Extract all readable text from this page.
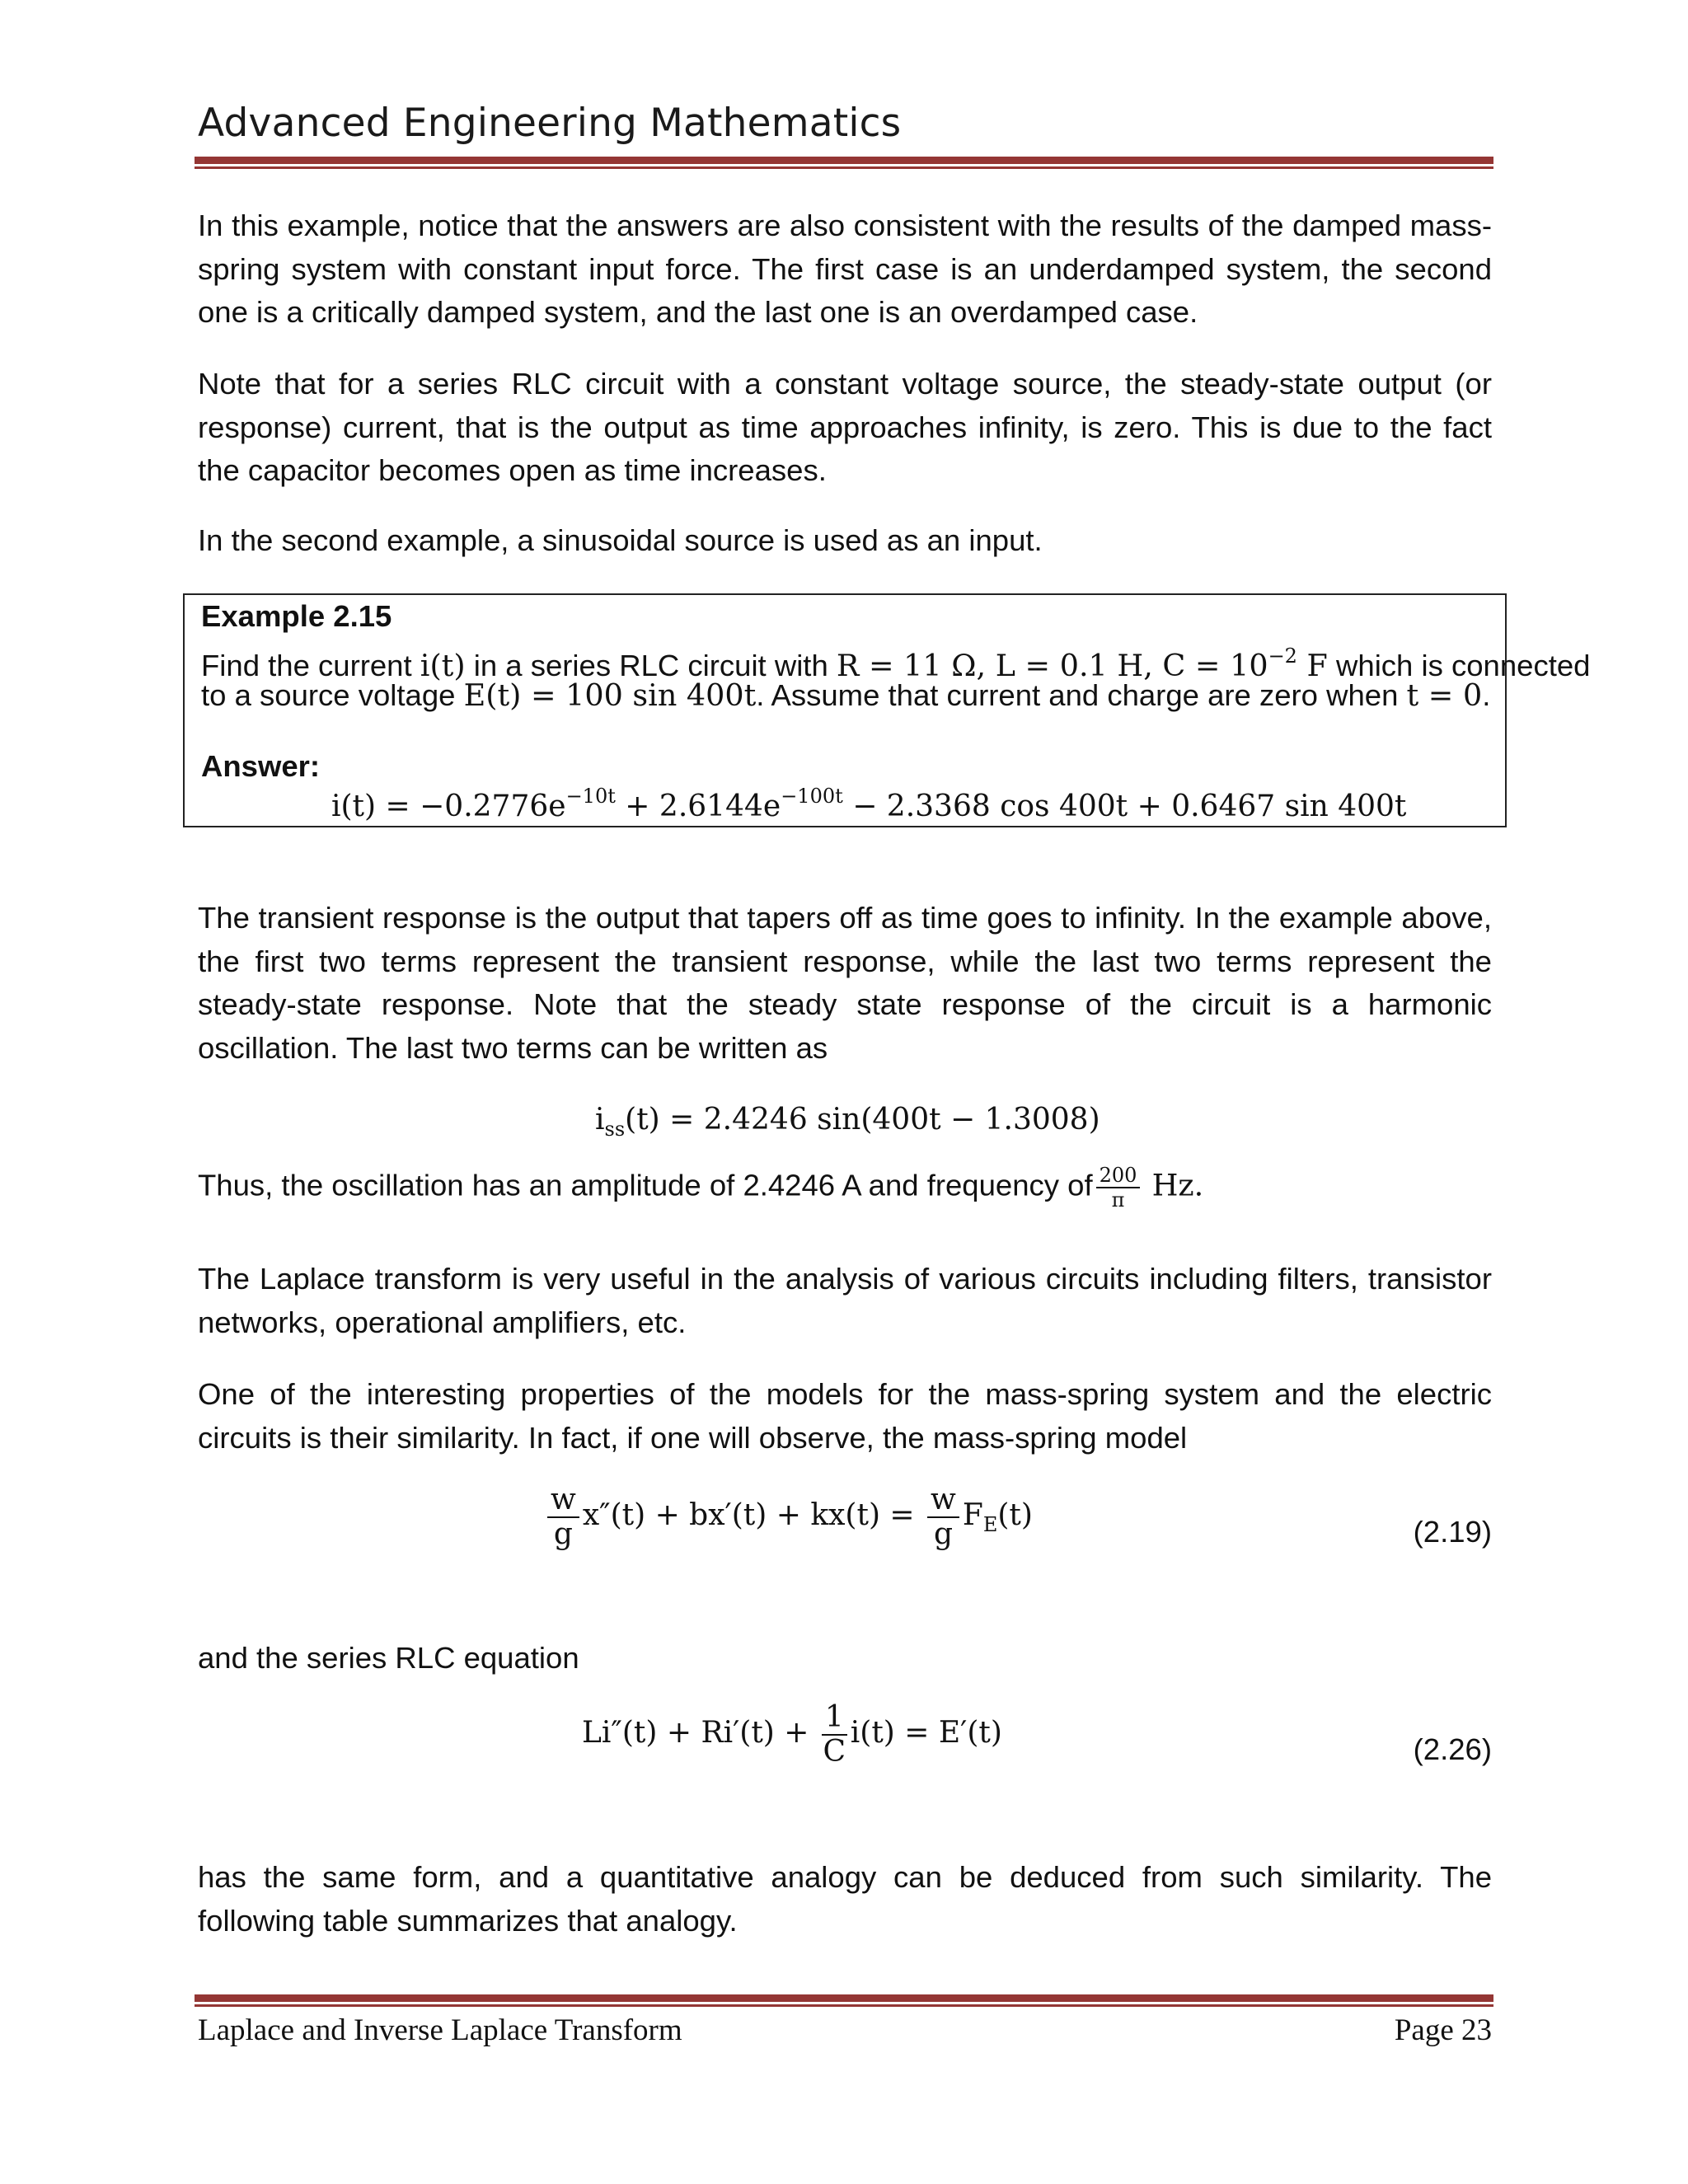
Advanced Engineering Mathematics
In this example, notice that the answers are also consistent with the results of the damped mass-spring system with constant input force. The first case is an underdamped system, the second one is a critically damped system, and the last one is an overdamped case.
Note that for a series RLC circuit with a constant voltage source, the steady-state output (or response) current, that is the output as time approaches infinity, is zero. This is due to the fact the capacitor becomes open as time increases.
In the second example, a sinusoidal source is used as an input.
Example 2.15
Find the current i(t) in a series RLC circuit with R = 11 Ω, L = 0.1 H, $C = 10^{-2}$ F which is connected
to a source voltage E(t) = 100 sin 400t. Assume that current and charge are zero when t = 0.
Answer:
$i(t) = -0.2776e^{-10t} + 2.6144e^{-100t} - 2.3368$ cos 400t + 0.6467 sin 400t
The transient response is the output that tapers off as time goes to infinity. In the example above, the first two terms represent the transient response, while the last two terms represent the steady-state response. Note that the steady state response of the circuit is a harmonic oscillation. The last two terms can be written as
$i_{ss}(t) = 2.4246$ sin(400t − 1.3008)
Thus, the oscillation has an amplitude of 2.4246 A and frequency of $\frac{200}{\pi} Hz$.
The Laplace transform is very useful in the analysis of various circuits including filters, transistor networks, operational amplifiers, etc.
One of the interesting properties of the models for the mass-spring system and the electric circuits is their similarity. In fact, if one will observe, the mass-spring model
$\frac{w}{g} x''(t) + bx'(t) + kx(t) = \frac{w}{g} F_E(t)$	(2.19)
and the series RLC equation
$Li''(t) + Ri'(t) + \frac{1}{C} i(t) = E'(t)$	(2.26)
has the same form, and a quantitative analogy can be deduced from such similarity. The following table summarizes that analogy.
Laplace and Inverse Laplace Transform	Page 23
